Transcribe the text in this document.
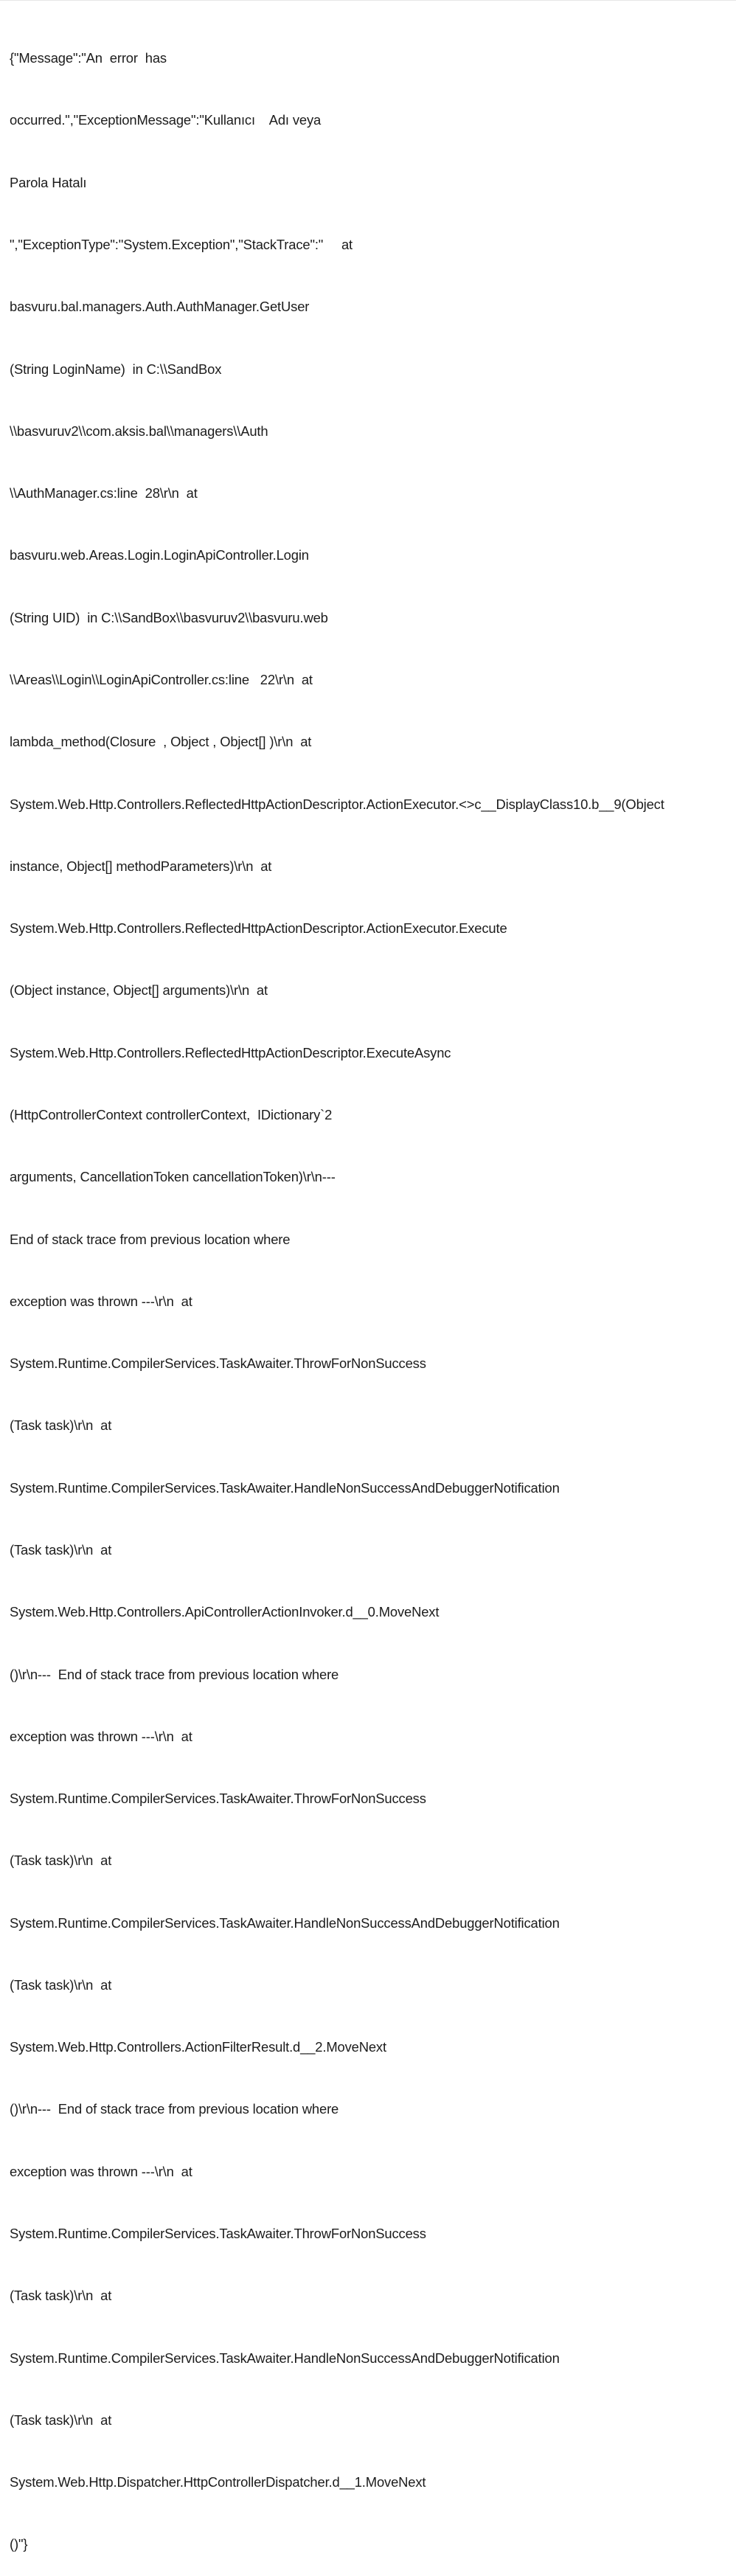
{"Message":"An  error  has

occurred.","ExceptionMessage":"Kullanıcı    Adı veya

Parola Hatalı

","ExceptionType":"System.Exception","StackTrace":"     at

basvuru.bal.managers.Auth.AuthManager.GetUser

(String LoginName)  in C:\\SandBox

\\basvuruv2\\com.aksis.bal\\managers\\Auth

\\AuthManager.cs:line  28\r\n  at

basvuru.web.Areas.Login.LoginApiController.Login

(String UID)  in C:\\SandBox\\basvuruv2\\basvuru.web

\\Areas\\Login\\LoginApiController.cs:line   22\r\n  at

lambda_method(Closure  , Object , Object[] )\r\n  at

System.Web.Http.Controllers.ReflectedHttpActionDescriptor.ActionExecutor.<>c__DisplayClass10.b__9(Object

instance, Object[] methodParameters)\r\n  at

System.Web.Http.Controllers.ReflectedHttpActionDescriptor.ActionExecutor.Execute

(Object instance, Object[] arguments)\r\n  at

System.Web.Http.Controllers.ReflectedHttpActionDescriptor.ExecuteAsync

(HttpControllerContext controllerContext,  IDictionary`2

arguments, CancellationToken cancellationToken)\r\n---

End of stack trace from previous location where

exception was thrown ---\r\n  at

System.Runtime.CompilerServices.TaskAwaiter.ThrowForNonSuccess

(Task task)\r\n  at

System.Runtime.CompilerServices.TaskAwaiter.HandleNonSuccessAndDebuggerNotification

(Task task)\r\n  at

System.Web.Http.Controllers.ApiControllerActionInvoker.d__0.MoveNext

()\r\n---  End of stack trace from previous location where

exception was thrown ---\r\n  at

System.Runtime.CompilerServices.TaskAwaiter.ThrowForNonSuccess

(Task task)\r\n  at

System.Runtime.CompilerServices.TaskAwaiter.HandleNonSuccessAndDebuggerNotification

(Task task)\r\n  at

System.Web.Http.Controllers.ActionFilterResult.d__2.MoveNext

()\r\n---  End of stack trace from previous location where

exception was thrown ---\r\n  at

System.Runtime.CompilerServices.TaskAwaiter.ThrowForNonSuccess

(Task task)\r\n  at

System.Runtime.CompilerServices.TaskAwaiter.HandleNonSuccessAndDebuggerNotification

(Task task)\r\n  at

System.Web.Http.Dispatcher.HttpControllerDispatcher.d__1.MoveNext

()"}
